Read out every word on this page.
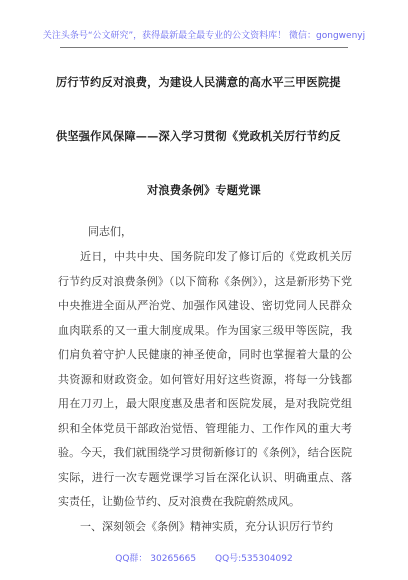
关注头条号“公文研究”，获得最新最全最专业的公文资料库！ 微信：gongwenyj
厉行节约反对浪费，为建设人民满意的高水平三甲医院提
供坚强作风保障——深入学习贯彻《党政机关厉行节约反
对浪费条例》专题党课
同志们，
近日，中共中央、国务院印发了修订后的《党政机关厉行节约反对浪费条例》（以下简称《条例》），这是新形势下党中央推进全面从严治党、加强作风建设、密切党同人民群众血肉联系的又一重大制度成果。作为国家三级甲等医院，我们肩负着守护人民健康的神圣使命，同时也掌握着大量的公共资源和财政资金。如何管好用好这些资源，将每一分钱都用在刀刃上，最大限度惠及患者和医院发展，是对我院党组织和全体党员干部政治觉悟、管理能力、工作作风的重大考验。今天，我们就围绕学习贯彻新修订的《条例》，结合医院实际，进行一次专题党课学习旨在深化认识、明确重点、落实责任，让勤俭节约、反对浪费在我院蔚然成风。
一、深刻领会《条例》精神实质，充分认识厉行节约
QQ群： 30265665 QQ号:535304092
